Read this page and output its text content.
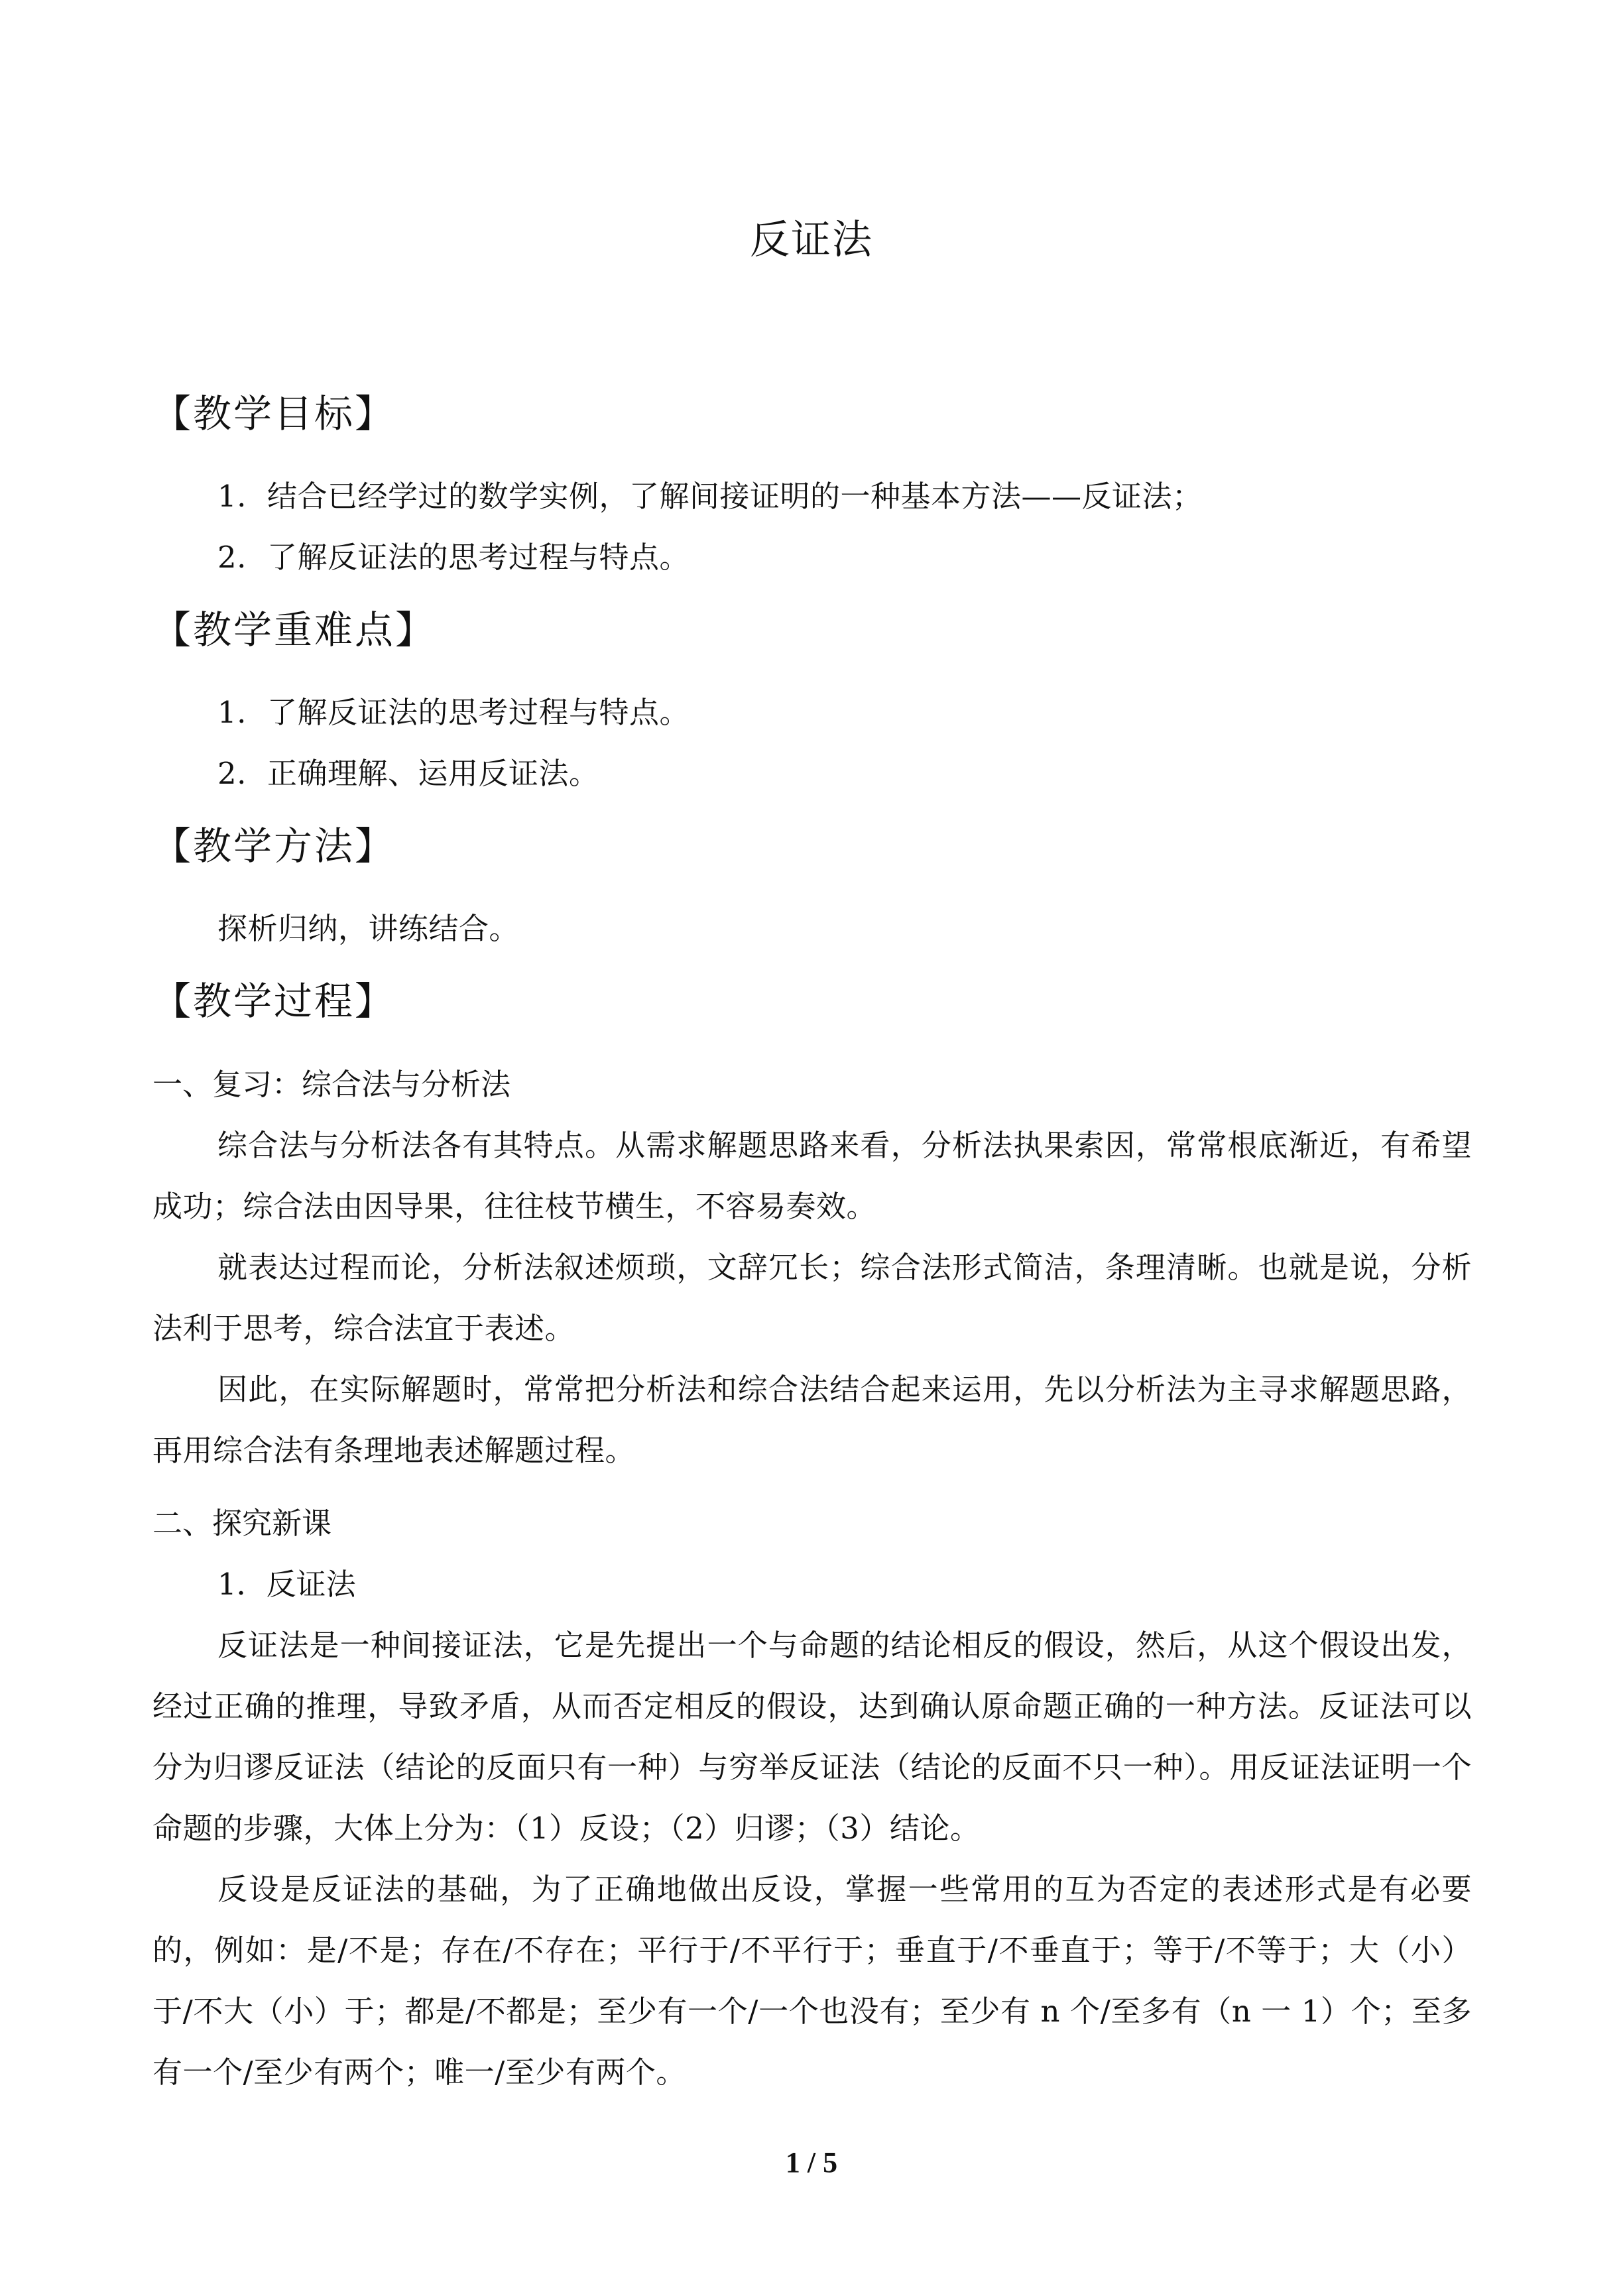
反证法
【教学目标】
1. 结合已经学过的数学实例，了解间接证明的一种基本方法——反证法；
2. 了解反证法的思考过程与特点。
【教学重难点】
1. 了解反证法的思考过程与特点。
2. 正确理解、运用反证法。
【教学方法】
探析归纳，讲练结合。
【教学过程】
一、复习：综合法与分析法

综合法与分析法各有其特点。从需求解题思路来看，分析法执果索因，常常根底渐近，有希望成功；综合法由因导果，往往枝节横生，不容易奏效。

就表达过程而论，分析法叙述烦琐，文辞冗长；综合法形式简洁，条理清晰。也就是说，分析法利于思考，综合法宜于表述。

因此，在实际解题时，常常把分析法和综合法结合起来运用，先以分析法为主寻求解题思路，再用综合法有条理地表述解题过程。

二、探究新课
1．反证法

反证法是一种间接证法，它是先提出一个与命题的结论相反的假设，然后，从这个假设出发，经过正确的推理，导致矛盾，从而否定相反的假设，达到确认原命题正确的一种方法。反证法可以分为归谬反证法（结论的反面只有一种）与穷举反证法（结论的反面不只一种）。用反证法证明一个命题的步骤，大体上分为：（1）反设；（2）归谬；（3）结论。

反设是反证法的基础，为了正确地做出反设，掌握一些常用的互为否定的表述形式是有必要的，例如：是/不是；存在/不存在；平行于/不平行于；垂直于/不垂直于；等于/不等于；大（小）于/不大（小）于；都是/不都是；至少有一个/一个也没有；至少有 n 个/至多有（n 一 1）个；至多有一个/至少有两个；唯一/至少有两个。

1 / 5
